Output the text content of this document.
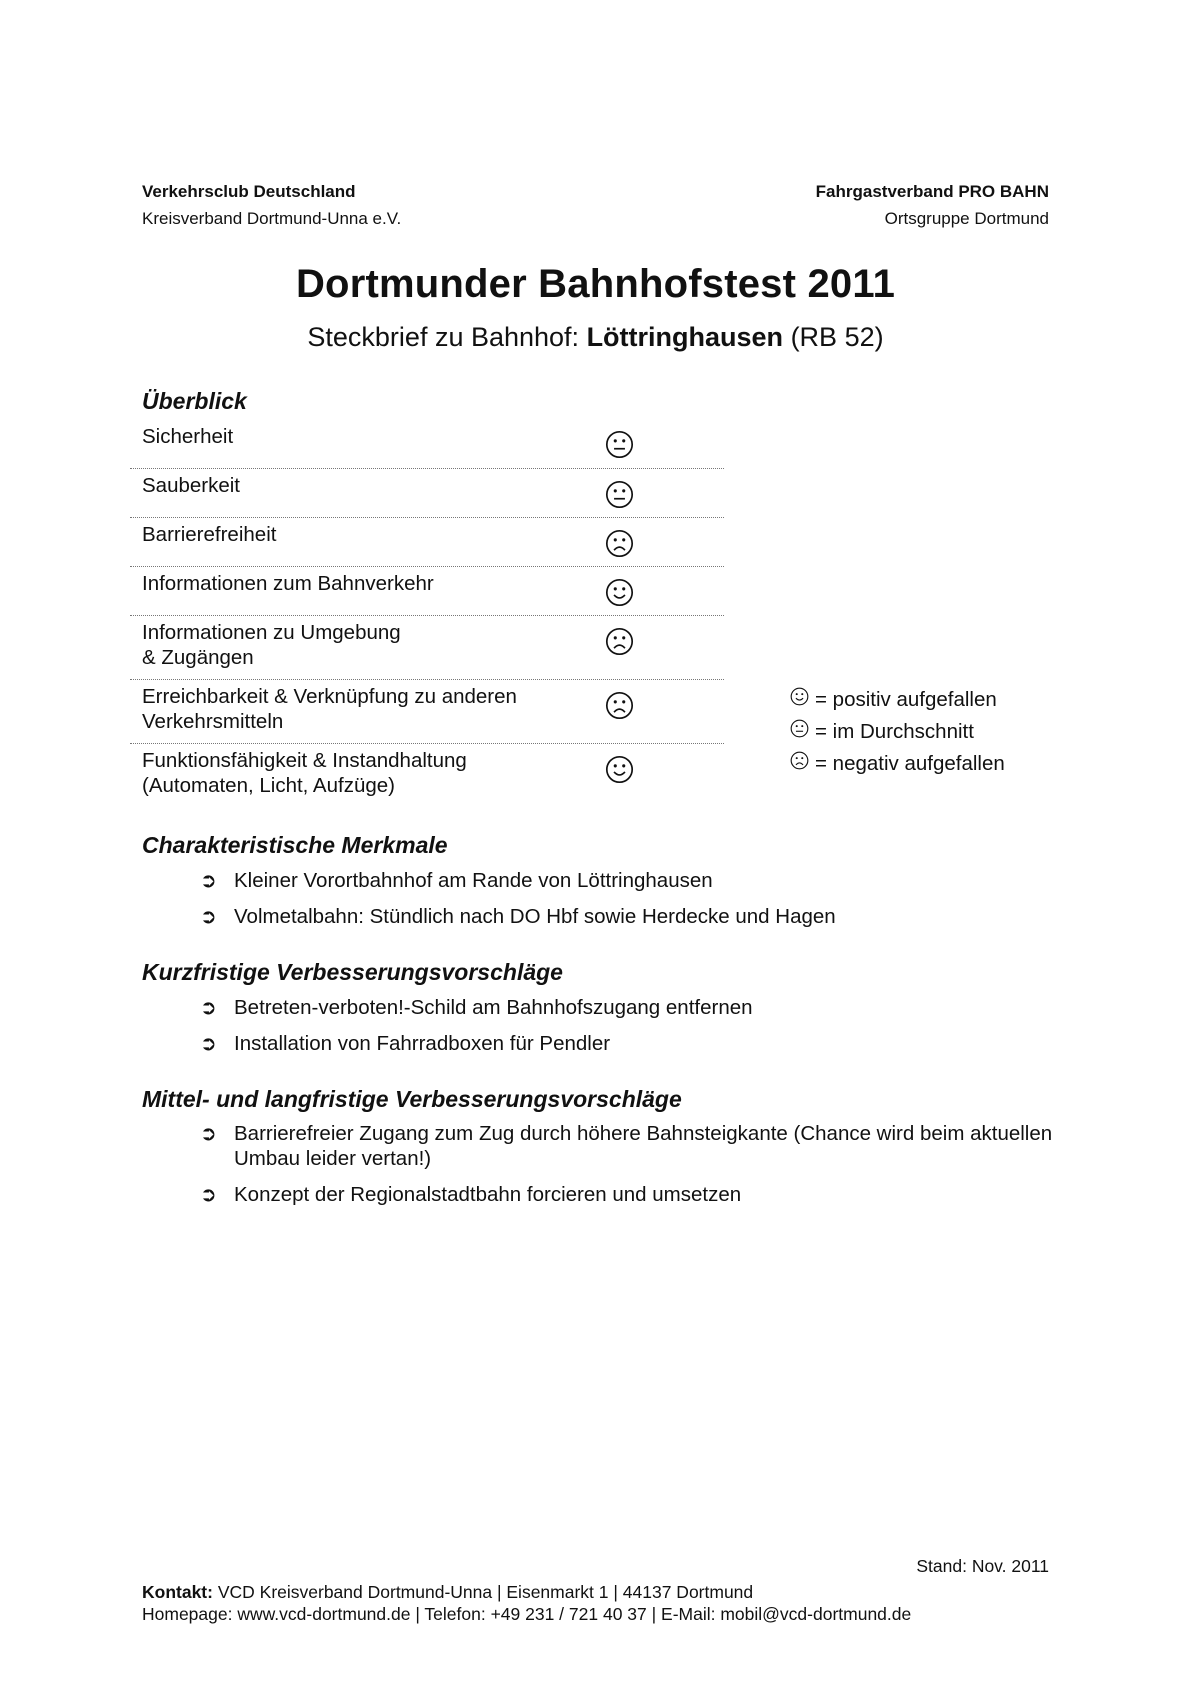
Verkehrsclub Deutschland
Kreisverband Dortmund-Unna e.V.
Fahrgastverband PRO BAHN
Ortsgruppe Dortmund
Dortmunder Bahnhofstest 2011
Steckbrief zu Bahnhof: Löttringhausen (RB 52)
Überblick
Sicherheit
Sauberkeit
Barrierefreiheit
Informationen zum Bahnverkehr
Informationen zu Umgebung
& Zugängen
Erreichbarkeit & Verknüpfung zu anderen
Verkehrsmitteln
Funktionsfähigkeit & Instandhaltung
(Automaten, Licht, Aufzüge)
= positiv aufgefallen
= im Durchschnitt
= negativ aufgefallen
Charakteristische Merkmale
➲ Kleiner Vorortbahnhof am Rande von Löttringhausen
➲ Volmetalbahn: Stündlich nach DO Hbf sowie Herdecke und Hagen
Kurzfristige Verbesserungsvorschläge
➲ Betreten-verboten!-Schild am Bahnhofszugang entfernen
➲ Installation von Fahrradboxen für Pendler
Mittel- und langfristige Verbesserungsvorschläge
➲ Barrierefreier Zugang zum Zug durch höhere Bahnsteigkante (Chance wird beim aktuellen Umbau leider vertan!)
➲ Konzept der Regionalstadtbahn forcieren und umsetzen
Stand: Nov. 2011
Kontakt: VCD Kreisverband Dortmund-Unna | Eisenmarkt 1 | 44137 Dortmund
Homepage: www.vcd-dortmund.de | Telefon: +49 231 / 721 40 37 | E-Mail: mobil@vcd-dortmund.de
